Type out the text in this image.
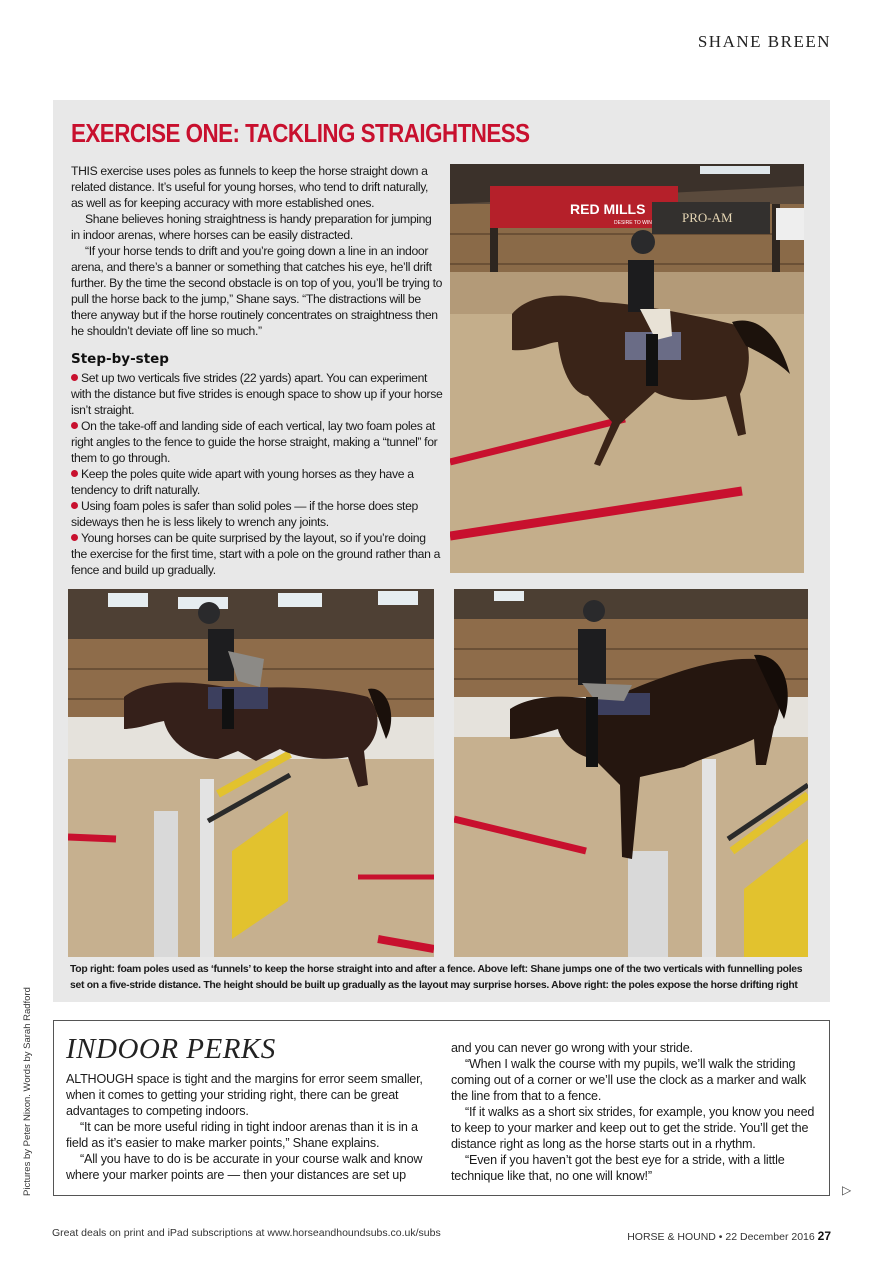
SHANE BREEN
EXERCISE ONE: TACKLING STRAIGHTNESS

THIS exercise uses poles as funnels to keep the horse straight down a related distance. It’s useful for young horses, who tend to drift naturally, as well as for keeping accuracy with more established ones.

Shane believes honing straightness is handy preparation for jumping in indoor arenas, where horses can be easily distracted.

“If your horse tends to drift and you’re going down a line in an indoor arena, and there’s a banner or something that catches his eye, he’ll drift further. By the time the second obstacle is on top of you, you’ll be trying to pull the horse back to the jump,” Shane says. “The distractions will be there anyway but if the horse routinely concentrates on straightness then he shouldn’t deviate off line so much.”

Step-by-step
Set up two verticals five strides (22 yards) apart. You can experiment with the distance but five strides is enough space to show up if your horse isn’t straight.
On the take-off and landing side of each vertical, lay two foam poles at right angles to the fence to guide the horse straight, making a “tunnel” for them to go through.
Keep the poles quite wide apart with young horses as they have a tendency to drift naturally.
Using foam poles is safer than solid poles — if the horse does step sideways then he is less likely to wrench any joints.
Young horses can be quite surprised by the layout, so if you’re doing the exercise for the first time, start with a pole on the ground rather than a fence and build up gradually.
RED MILLS
DESIRE TO WIN PRO-AM
Top right: foam poles used as ‘funnels’ to keep the horse straight into and after a fence. Above left: Shane jumps one of the two verticals with funnelling poles set on a five-stride distance. The height should be built up gradually as the layout may surprise horses. Above right: the poles expose the horse drifting right
Pictures by Peter Nixon. Words by Sarah Radford INDOOR PERKS

ALTHOUGH space is tight and the margins for error seem smaller, when it comes to getting your striding right, there can be great advantages to competing indoors.

“It can be more useful riding in tight indoor arenas than it is in a field as it’s easier to make marker points,” Shane explains.

“All you have to do is be accurate in your course walk and know where your marker points are — then your distances are set up

and you can never go wrong with your stride.

“When I walk the course with my pupils, we’ll walk the striding coming out of a corner or we’ll use the clock as a marker and walk the line from that to a fence.

“If it walks as a short six strides, for example, you know you need to keep to your marker and keep out to get the stride. You’ll get the distance right as long as the horse starts out in a rhythm.

“Even if you haven’t got the best eye for a stride, with a little technique like that, no one will know!”

▷
Great deals on print and iPad subscriptions at www.horseandhoundsubs.co.uk/subs	HORSE & HOUND • 22 December 2016 27
